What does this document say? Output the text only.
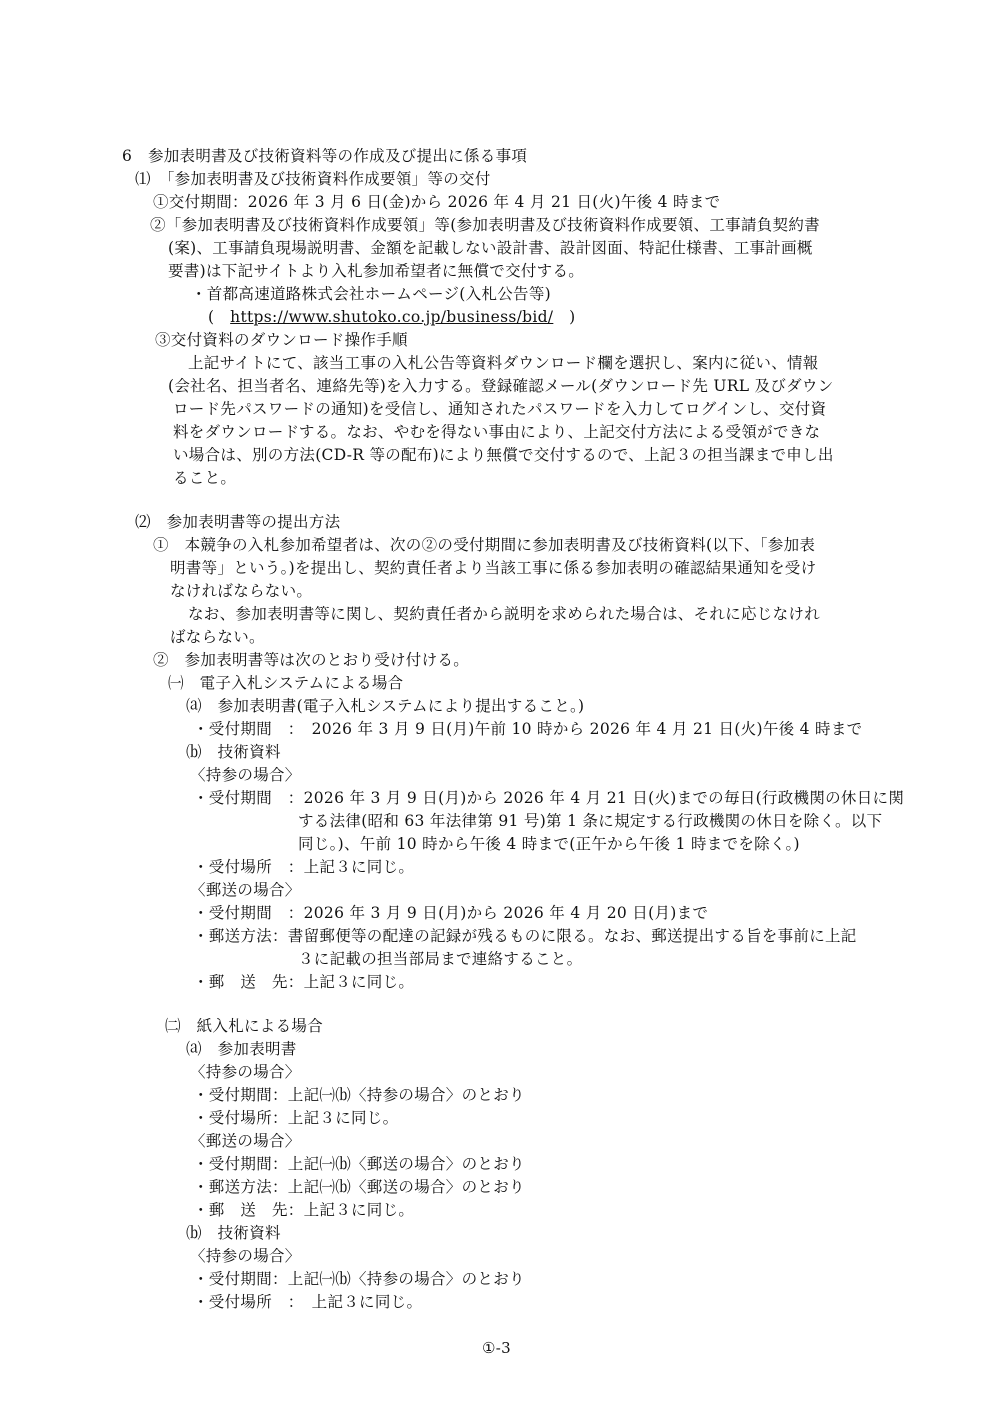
6　参加表明書及び技術資料等の作成及び提出に係る事項
⑴　「参加表明書及び技術資料作成要領」等の交付
①交付期間：2026 年 3 月 6 日(金)から 2026 年 4 月 21 日(火)午後 4 時まで
②「参加表明書及び技術資料作成要領」等(参加表明書及び技術資料作成要領、工事請負契約書
(案)、工事請負現場説明書、金額を記載しない設計書、設計図面、特記仕様書、工事計画概
要書)は下記サイトより入札参加希望者に無償で交付する。
・首都高速道路株式会社ホームページ(入札公告等)
(　https://www.shutoko.co.jp/business/bid/　)
③交付資料のダウンロード操作手順
上記サイトにて、該当工事の入札公告等資料ダウンロード欄を選択し、案内に従い、情報
(会社名、担当者名、連絡先等)を入力する。登録確認メール(ダウンロード先 URL 及びダウン
ロード先パスワードの通知)を受信し、通知されたパスワードを入力してログインし、交付資
料をダウンロードする。なお、やむを得ない事由により、上記交付方法による受領ができな
い場合は、別の方法(CD-R 等の配布)により無償で交付するので、上記３の担当課まで申し出
ること。
⑵　参加表明書等の提出方法
①　本競争の入札参加希望者は、次の②の受付期間に参加表明書及び技術資料(以下、「参加表
明書等」という。)を提出し、契約責任者より当該工事に係る参加表明の確認結果通知を受け
なければならない。
なお、参加表明書等に関し、契約責任者から説明を求められた場合は、それに応じなけれ
ばならない。
②　参加表明書等は次のとおり受け付ける。
㈠　電子入札システムによる場合
⒜　参加表明書(電子入札システムにより提出すること。)
・受付期間　：　2026 年 3 月 9 日(月)午前 10 時から 2026 年 4 月 21 日(火)午後 4 時まで
⒝　技術資料
〈持参の場合〉
・受付期間　：2026 年 3 月 9 日(月)から 2026 年 4 月 21 日(火)までの毎日(行政機関の休日に関
する法律(昭和 63 年法律第 91 号)第 1 条に規定する行政機関の休日を除く。以下
同じ。)、午前 10 時から午後 4 時まで(正午から午後 1 時までを除く。)
・受付場所　：上記３に同じ。
〈郵送の場合〉
・受付期間　：2026 年 3 月 9 日(月)から 2026 年 4 月 20 日(月)まで
・郵送方法：書留郵便等の配達の記録が残るものに限る。なお、郵送提出する旨を事前に上記
３に記載の担当部局まで連絡すること。
・郵　送　先：上記３に同じ。
㈡　紙入札による場合
⒜　参加表明書
〈持参の場合〉
・受付期間：上記㈠⒝〈持参の場合〉のとおり
・受付場所：上記３に同じ。
〈郵送の場合〉
・受付期間：上記㈠⒝〈郵送の場合〉のとおり
・郵送方法：上記㈠⒝〈郵送の場合〉のとおり
・郵　送　先：上記３に同じ。
⒝　技術資料
〈持参の場合〉
・受付期間：上記㈠⒝〈持参の場合〉のとおり
・受付場所　：　上記３に同じ。
①-3
